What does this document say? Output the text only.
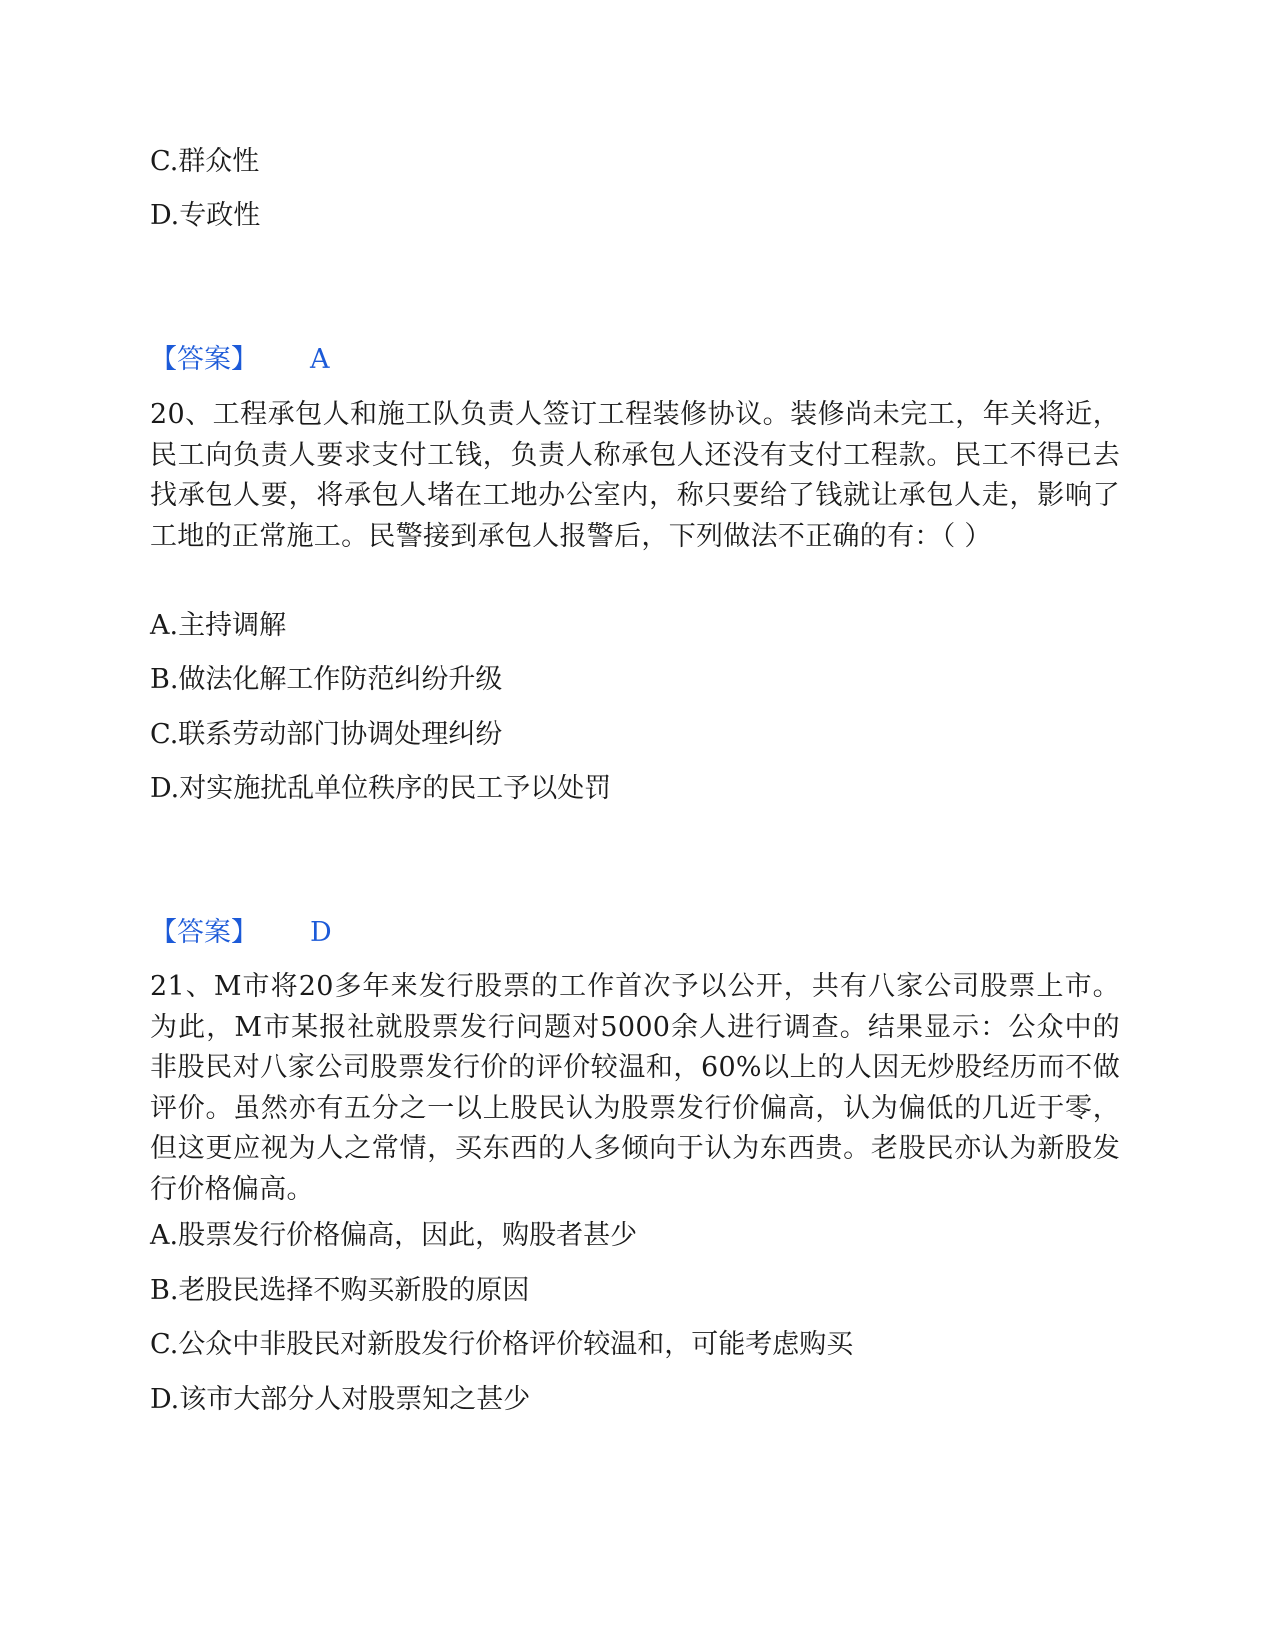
C.群众性
D.专政性
【答案】 A
20、工程承包人和施工队负责人签订工程装修协议。装修尚未完工，年关将近，民工向负责人要求支付工钱，负责人称承包人还没有支付工程款。民工不得已去找承包人要，将承包人堵在工地办公室内，称只要给了钱就让承包人走，影响了工地的正常施工。民警接到承包人报警后，下列做法不正确的有：（ ）
A.主持调解
B.做法化解工作防范纠纷升级
C.联系劳动部门协调处理纠纷
D.对实施扰乱单位秩序的民工予以处罚
【答案】 D
21、M市将20多年来发行股票的工作首次予以公开，共有八家公司股票上市。为此，M市某报社就股票发行问题对5000余人进行调查。结果显示：公众中的非股民对八家公司股票发行价的评价较温和，60%以上的人因无炒股经历而不做评价。虽然亦有五分之一以上股民认为股票发行价偏高，认为偏低的几近于零，但这更应视为人之常情，买东西的人多倾向于认为东西贵。老股民亦认为新股发行价格偏高。
A.股票发行价格偏高，因此，购股者甚少
B.老股民选择不购买新股的原因
C.公众中非股民对新股发行价格评价较温和，可能考虑购买
D.该市大部分人对股票知之甚少
